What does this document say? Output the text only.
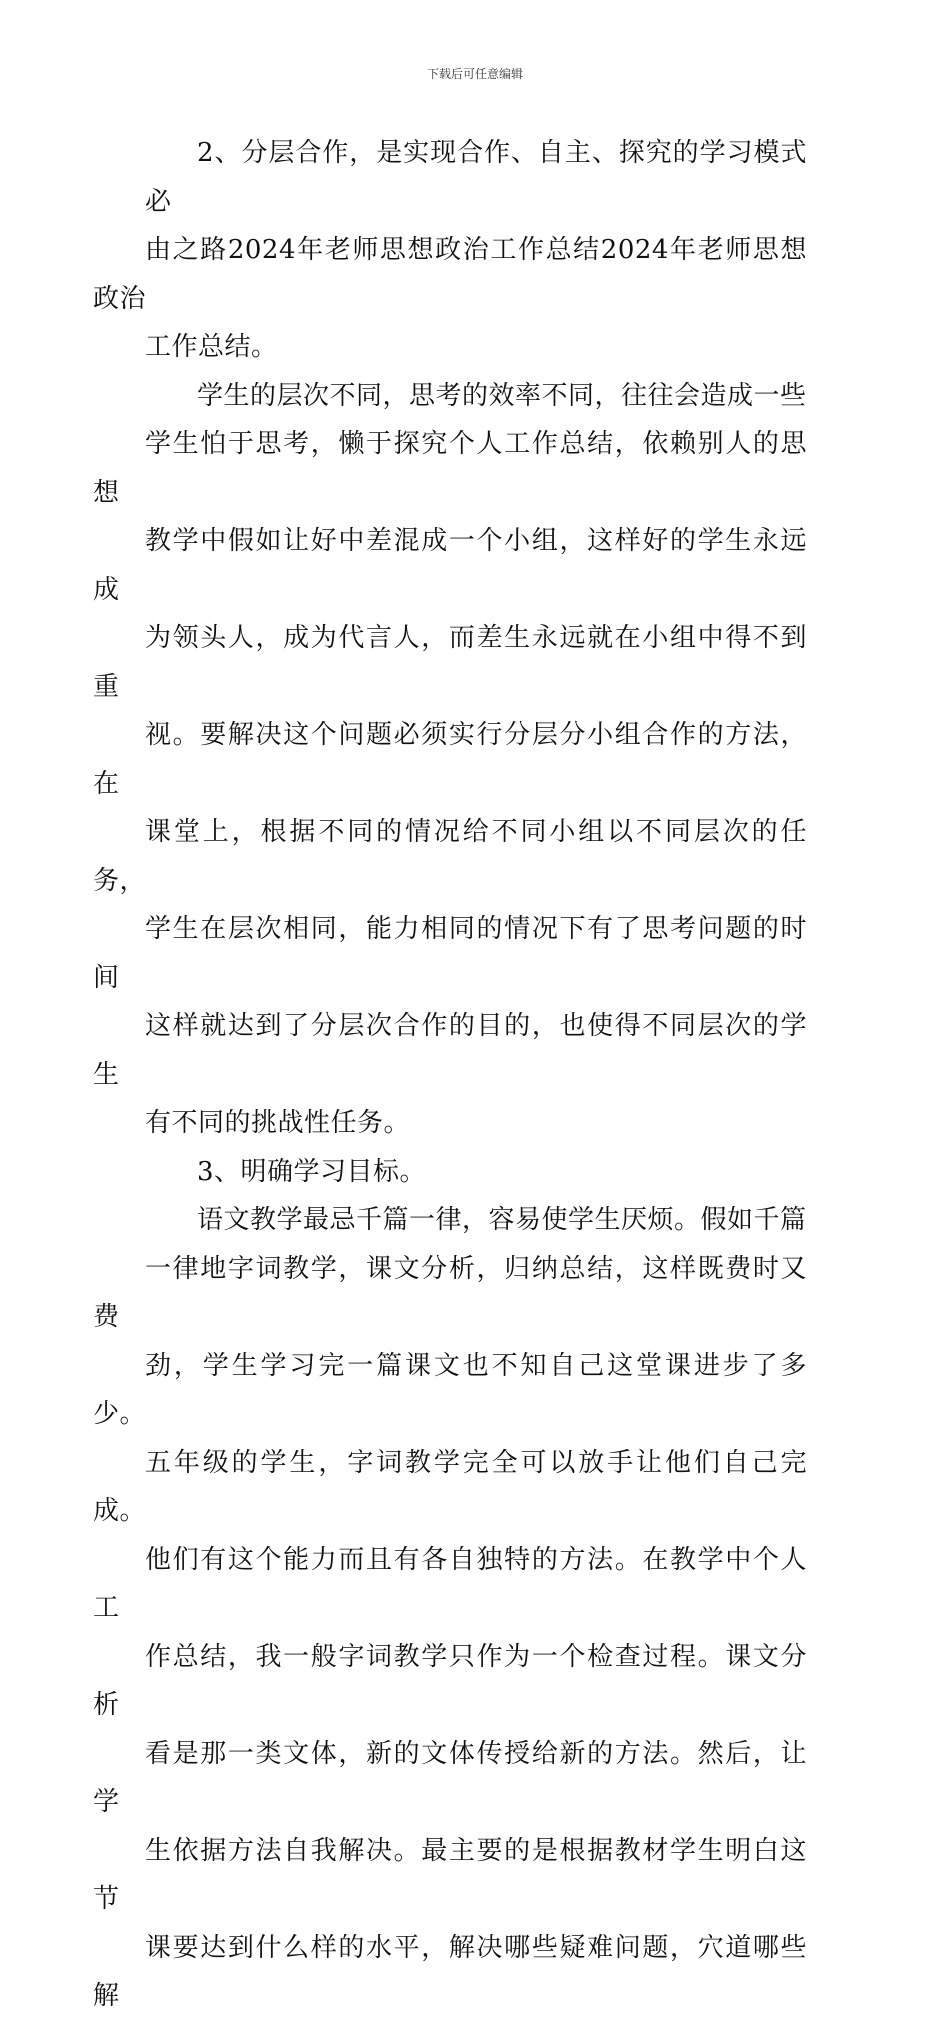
下载后可任意编辑

2、分层合作，是实现合作、自主、探究的学习模式必
由之路2024年老师思想政治工作总结2024年老师思想政治
工作总结。

学生的层次不同，思考的效率不同，往往会造成一些
学生怕于思考，懒于探究个人工作总结，依赖别人的思想
教学中假如让好中差混成一个小组，这样好的学生永远成
为领头人，成为代言人，而差生永远就在小组中得不到重
视。要解决这个问题必须实行分层分小组合作的方法，在
课堂上，根据不同的情况给不同小组以不同层次的任务，
学生在层次相同，能力相同的情况下有了思考问题的时间
这样就达到了分层次合作的目的，也使得不同层次的学生
有不同的挑战性任务。

3、明确学习目标。

语文教学最忌千篇一律，容易使学生厌烦。假如千篇
一律地字词教学，课文分析，归纳总结，这样既费时又费
劲，学生学习完一篇课文也不知自己这堂课进步了多少。
五年级的学生，字词教学完全可以放手让他们自己完成。
他们有这个能力而且有各自独特的方法。在教学中个人工
作总结，我一般字词教学只作为一个检查过程。课文分析
看是那一类文体，新的文体传授给新的方法。然后，让学
生依据方法自我解决。最主要的是根据教材学生明白这节
课要达到什么样的水平，解决哪些疑难问题，穴道哪些解
